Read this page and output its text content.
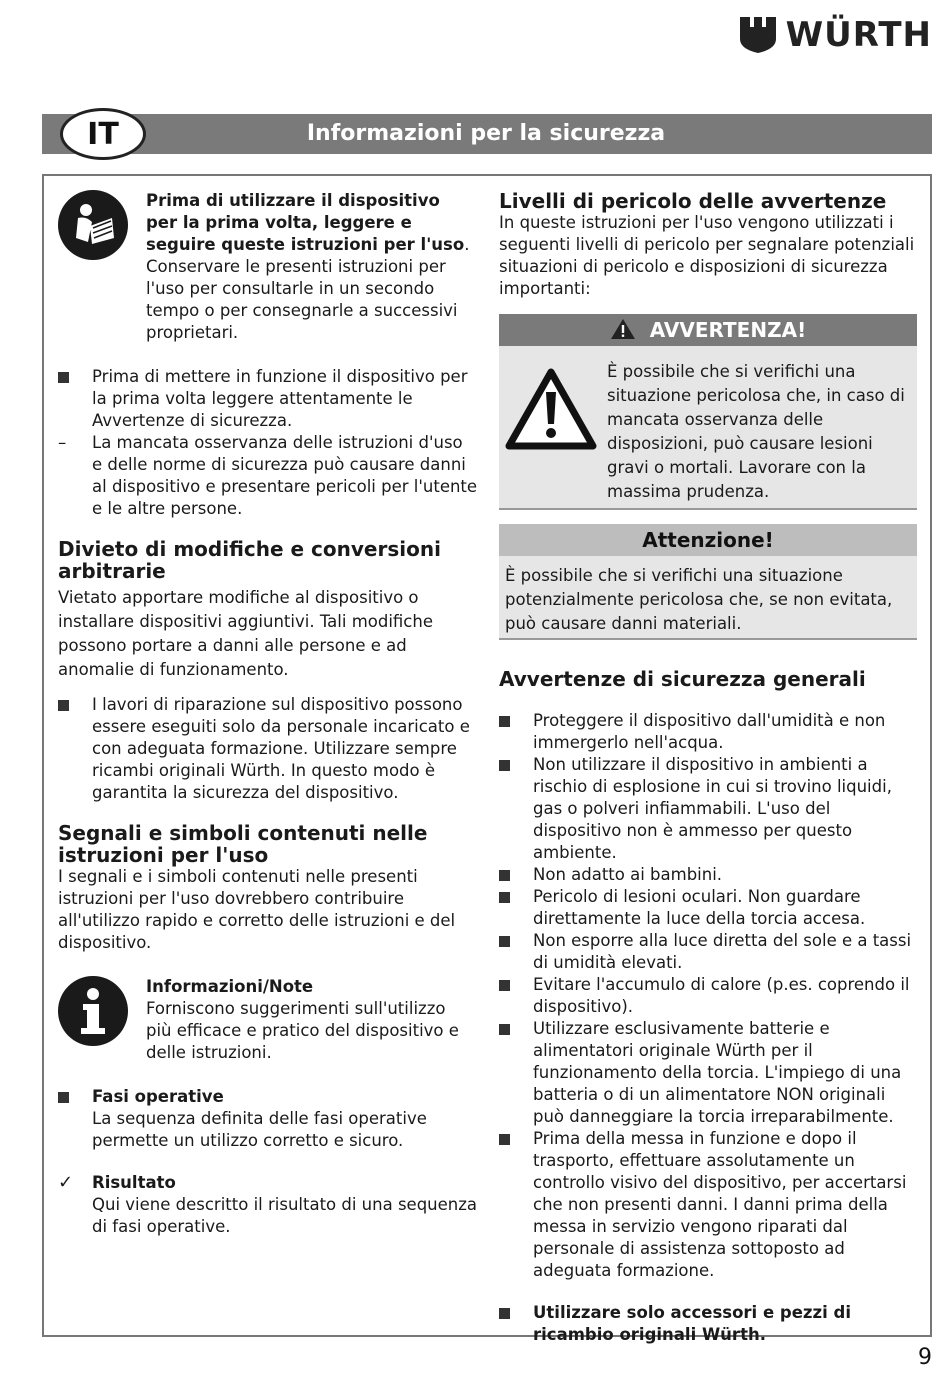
WÜRTH
IT	Informazioni per la sicurezza

Prima di utilizzare il dispositivo per la prima volta, leggere e seguire queste istruzioni per l'uso.

Conservare le presenti istruzioni per l'uso per consultarle in un secondo tempo o per consegnarle a successivi proprietari.

Prima di mettere in funzione il dispositivo per la prima volta leggere attentamente le Avvertenze di sicurezza.
–	La mancata osservanza delle istruzioni d'uso e delle norme di sicurezza può causare danni al dispositivo e presentare pericoli per l'utente e le altre persone.
Divieto di modifiche e conversioni arbitrarie

Vietato apportare modifiche al dispositivo o installare dispositivi aggiuntivi. Tali modifiche possono portare a danni alle persone e ad anomalie di funzionamento.

I lavori di riparazione sul dispositivo possono essere eseguiti solo da personale incaricato e con adeguata formazione. Utilizzare sempre ricambi originali Würth. In questo modo è garantita la sicurezza del dispositivo.
Segnali e simboli contenuti nelle istruzioni per l'uso

I segnali e i simboli contenuti nelle presenti istruzioni per l'uso dovrebbero contribuire all'utilizzo rapido e corretto delle istruzioni e del dispositivo.

Informazioni/Note

Forniscono suggerimenti sull'utilizzo più efficace e pratico del dispositivo e delle istruzioni.

Fasi operative

La sequenza definita delle fasi operative permette un utilizzo corretto e sicuro.

✓ Risultato

Qui viene descritto il risultato di una sequenza di fasi operative.

Livelli di pericolo delle avvertenze

In queste istruzioni per l'uso vengono utilizzati i seguenti livelli di pericolo per segnalare potenziali situazioni di pericolo e disposizioni di sicurezza importanti:

AVVERTENZA!

È possibile che si verifichi una situazione pericolosa che, in caso di mancata osservanza delle disposizioni, può causare lesioni gravi o mortali. Lavorare con la massima prudenza.

Attenzione!

È possibile che si verifichi una situazione potenzialmente pericolosa che, se non evitata, può causare danni materiali.

Avvertenze di sicurezza generali
Proteggere il dispositivo dall'umidità e non immergerlo nell'acqua.
Non utilizzare il dispositivo in ambienti a rischio di esplosione in cui si trovino liquidi, gas o polveri infiammabili. L'uso del dispositivo non è ammesso per questo ambiente.
Non adatto ai bambini.
Pericolo di lesioni oculari. Non guardare direttamente la luce della torcia accesa.
Non esporre alla luce diretta del sole e a tassi di umidità elevati.
Evitare l'accumulo di calore (p.es. coprendo il dispositivo).
Utilizzare esclusivamente batterie e alimentatori originale Würth per il funzionamento della torcia. L'impiego di una batteria o di un alimentatore NON originali può danneggiare la torcia irreparabilmente.
Prima della messa in funzione e dopo il trasporto, effettuare assolutamente un controllo visivo del dispositivo, per accertarsi che non presenti danni. I danni prima della messa in servizio vengono riparati dal personale di assistenza sottoposto ad adeguata formazione.
Utilizzare solo accessori e pezzi di ricambio originali Würth.
9
